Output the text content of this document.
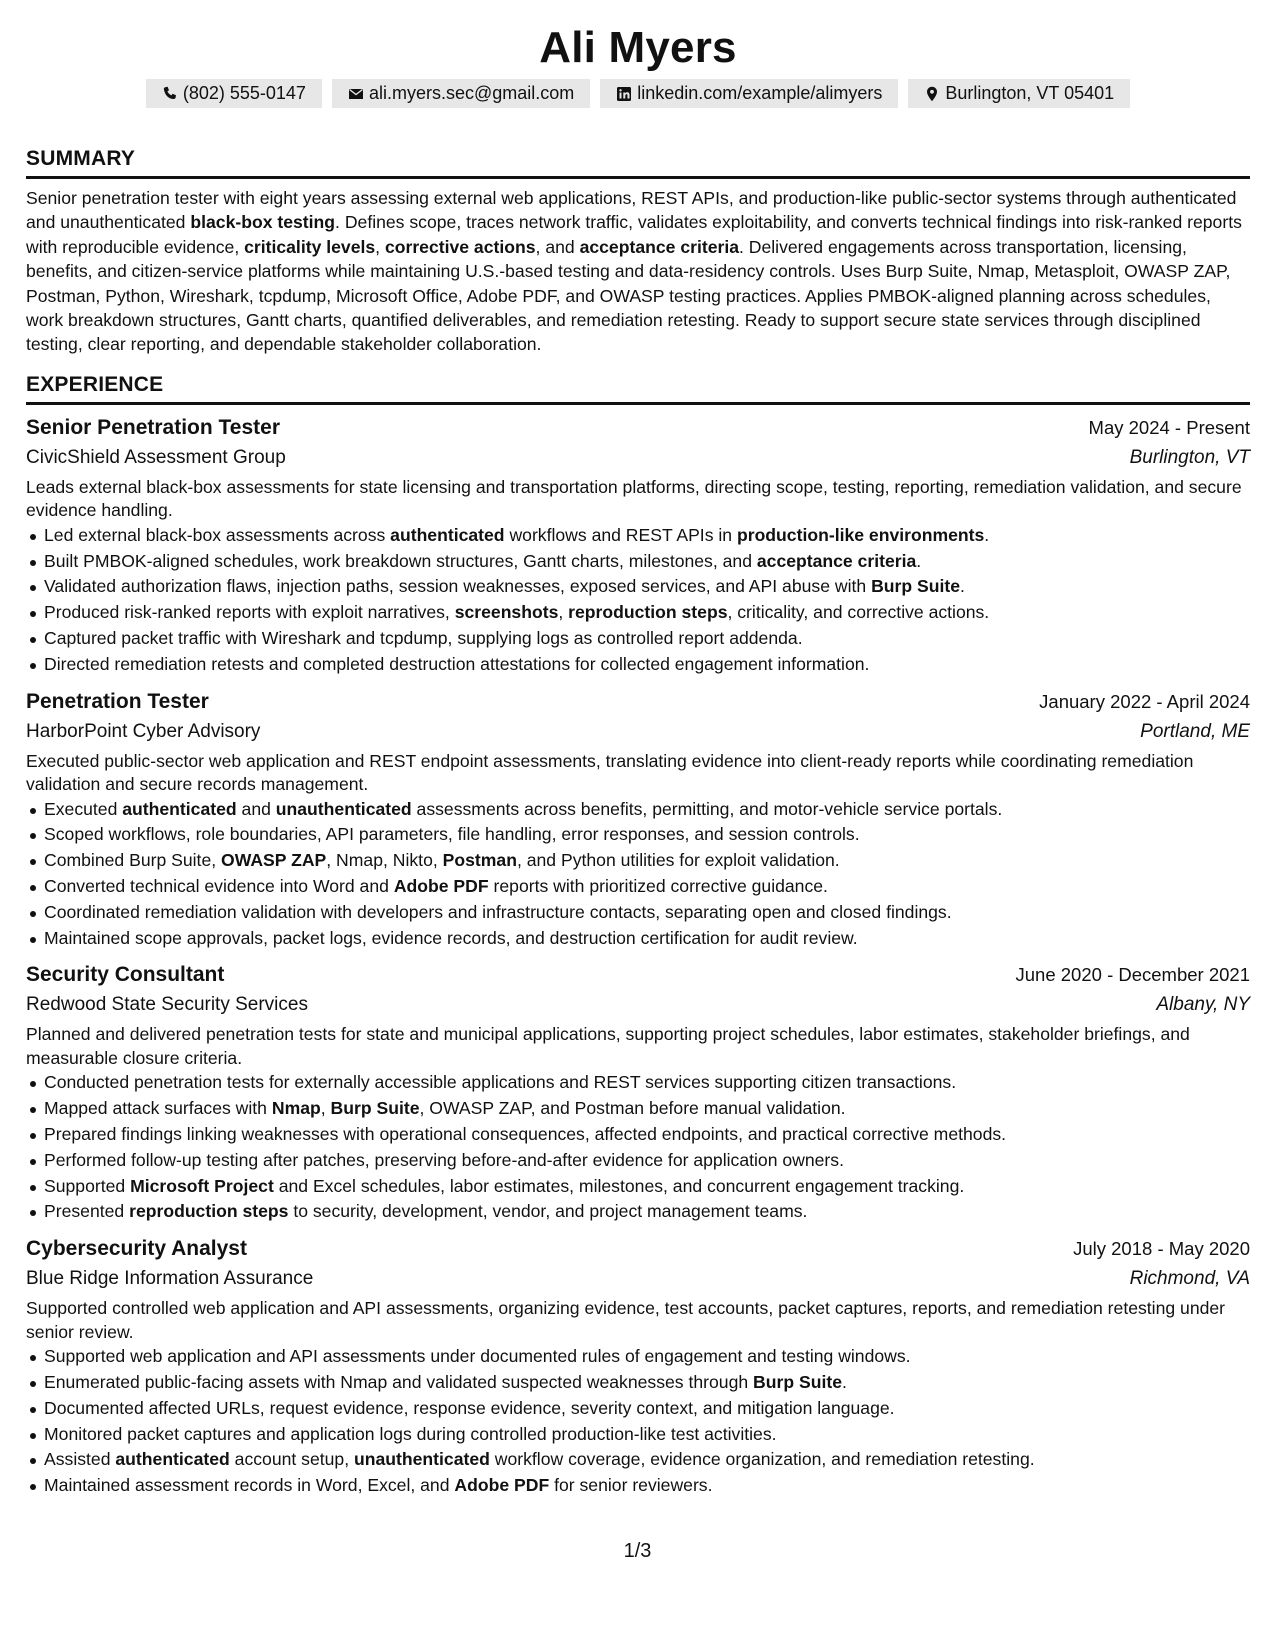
Ali Myers
(802) 555-0147	ali.myers.sec@gmail.com	linkedin.com/example/alimyers	Burlington, VT 05401
SUMMARY
Senior penetration tester with eight years assessing external web applications, REST APIs, and production-like public-sector systems through authenticated and unauthenticated black-box testing. Defines scope, traces network traffic, validates exploitability, and converts technical findings into risk-ranked reports with reproducible evidence, criticality levels, corrective actions, and acceptance criteria. Delivered engagements across transportation, licensing, benefits, and citizen-service platforms while maintaining U.S.-based testing and data-residency controls. Uses Burp Suite, Nmap, Metasploit, OWASP ZAP, Postman, Python, Wireshark, tcpdump, Microsoft Office, Adobe PDF, and OWASP testing practices. Applies PMBOK-aligned planning across schedules, work breakdown structures, Gantt charts, quantified deliverables, and remediation retesting. Ready to support secure state services through disciplined testing, clear reporting, and dependable stakeholder collaboration.
EXPERIENCE
Senior Penetration Tester	May 2024 - Present
CivicShield Assessment Group	Burlington, VT
Leads external black-box assessments for state licensing and transportation platforms, directing scope, testing, reporting, remediation validation, and secure evidence handling.
Led external black-box assessments across authenticated workflows and REST APIs in production-like environments.
Built PMBOK-aligned schedules, work breakdown structures, Gantt charts, milestones, and acceptance criteria.
Validated authorization flaws, injection paths, session weaknesses, exposed services, and API abuse with Burp Suite.
Produced risk-ranked reports with exploit narratives, screenshots, reproduction steps, criticality, and corrective actions.
Captured packet traffic with Wireshark and tcpdump, supplying logs as controlled report addenda.
Directed remediation retests and completed destruction attestations for collected engagement information.
Penetration Tester	January 2022 - April 2024
HarborPoint Cyber Advisory	Portland, ME
Executed public-sector web application and REST endpoint assessments, translating evidence into client-ready reports while coordinating remediation validation and secure records management.
Executed authenticated and unauthenticated assessments across benefits, permitting, and motor-vehicle service portals.
Scoped workflows, role boundaries, API parameters, file handling, error responses, and session controls.
Combined Burp Suite, OWASP ZAP, Nmap, Nikto, Postman, and Python utilities for exploit validation.
Converted technical evidence into Word and Adobe PDF reports with prioritized corrective guidance.
Coordinated remediation validation with developers and infrastructure contacts, separating open and closed findings.
Maintained scope approvals, packet logs, evidence records, and destruction certification for audit review.
Security Consultant	June 2020 - December 2021
Redwood State Security Services	Albany, NY
Planned and delivered penetration tests for state and municipal applications, supporting project schedules, labor estimates, stakeholder briefings, and measurable closure criteria.
Conducted penetration tests for externally accessible applications and REST services supporting citizen transactions.
Mapped attack surfaces with Nmap, Burp Suite, OWASP ZAP, and Postman before manual validation.
Prepared findings linking weaknesses with operational consequences, affected endpoints, and practical corrective methods.
Performed follow-up testing after patches, preserving before-and-after evidence for application owners.
Supported Microsoft Project and Excel schedules, labor estimates, milestones, and concurrent engagement tracking.
Presented reproduction steps to security, development, vendor, and project management teams.
Cybersecurity Analyst	July 2018 - May 2020
Blue Ridge Information Assurance	Richmond, VA
Supported controlled web application and API assessments, organizing evidence, test accounts, packet captures, reports, and remediation retesting under senior review.
Supported web application and API assessments under documented rules of engagement and testing windows.
Enumerated public-facing assets with Nmap and validated suspected weaknesses through Burp Suite.
Documented affected URLs, request evidence, response evidence, severity context, and mitigation language.
Monitored packet captures and application logs during controlled production-like test activities.
Assisted authenticated account setup, unauthenticated workflow coverage, evidence organization, and remediation retesting.
Maintained assessment records in Word, Excel, and Adobe PDF for senior reviewers.
1/3
